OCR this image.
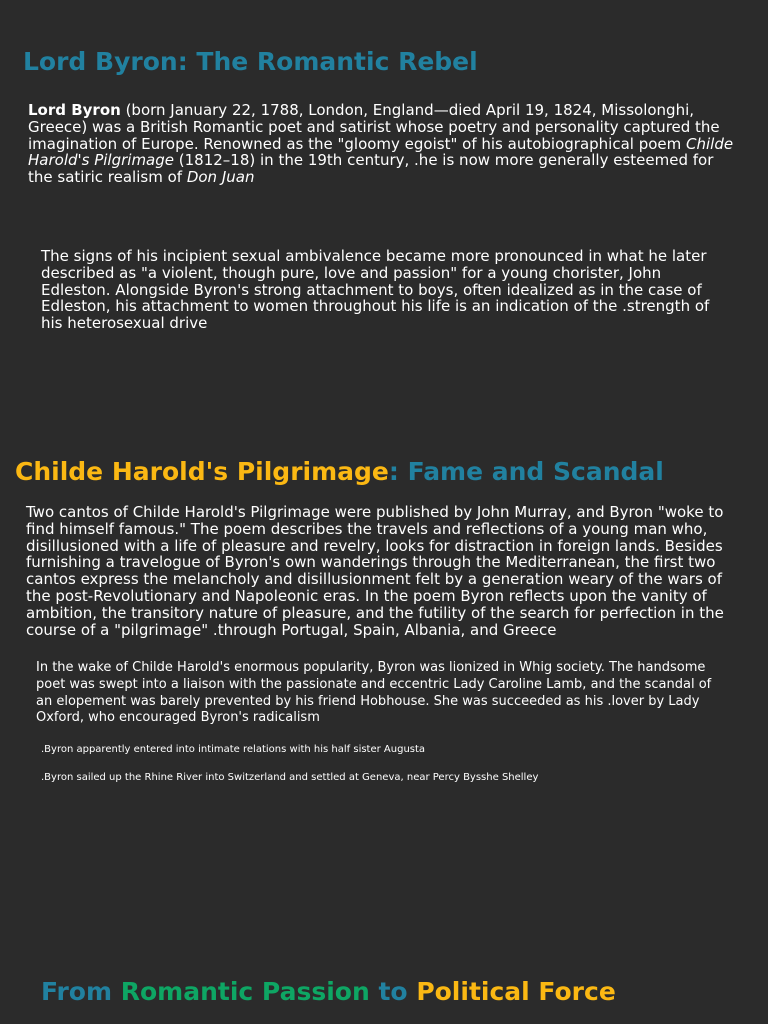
Lord Byron: The Romantic Rebel

Lord Byron (born January 22, 1788, London, England—died April 19, 1824, Missolonghi, Greece) was a British Romantic poet and satirist whose poetry and personality captured the imagination of Europe. Renowned as the "gloomy egoist" of his autobiographical poem Childe Harold's Pilgrimage (1812–18) in the 19th century, .he is now more generally esteemed for the satiric realism of Don Juan

The signs of his incipient sexual ambivalence became more pronounced in what he later described as "a violent, though pure, love and passion" for a young chorister, John Edleston. Alongside Byron's strong attachment to boys, often idealized as in the case of Edleston, his attachment to women throughout his life is an indication of the .strength of his heterosexual drive

Childe Harold's Pilgrimage: Fame and Scandal

Two cantos of Childe Harold's Pilgrimage were published by John Murray, and Byron "woke to find himself famous." The poem describes the travels and reflections of a young man who, disillusioned with a life of pleasure and revelry, looks for distraction in foreign lands. Besides furnishing a travelogue of Byron's own wanderings through the Mediterranean, the first two cantos express the melancholy and disillusionment felt by a generation weary of the wars of the post-Revolutionary and Napoleonic eras. In the poem Byron reflects upon the vanity of ambition, the transitory nature of pleasure, and the futility of the search for perfection in the course of a "pilgrimage" .through Portugal, Spain, Albania, and Greece

In the wake of Childe Harold's enormous popularity, Byron was lionized in Whig society. The handsome poet was swept into a liaison with the passionate and eccentric Lady Caroline Lamb, and the scandal of an elopement was barely prevented by his friend Hobhouse. She was succeeded as his .lover by Lady Oxford, who encouraged Byron's radicalism

.Byron apparently entered into intimate relations with his half sister Augusta

.Byron sailed up the Rhine River into Switzerland and settled at Geneva, near Percy Bysshe Shelley

From Romantic Passion to Political Force
